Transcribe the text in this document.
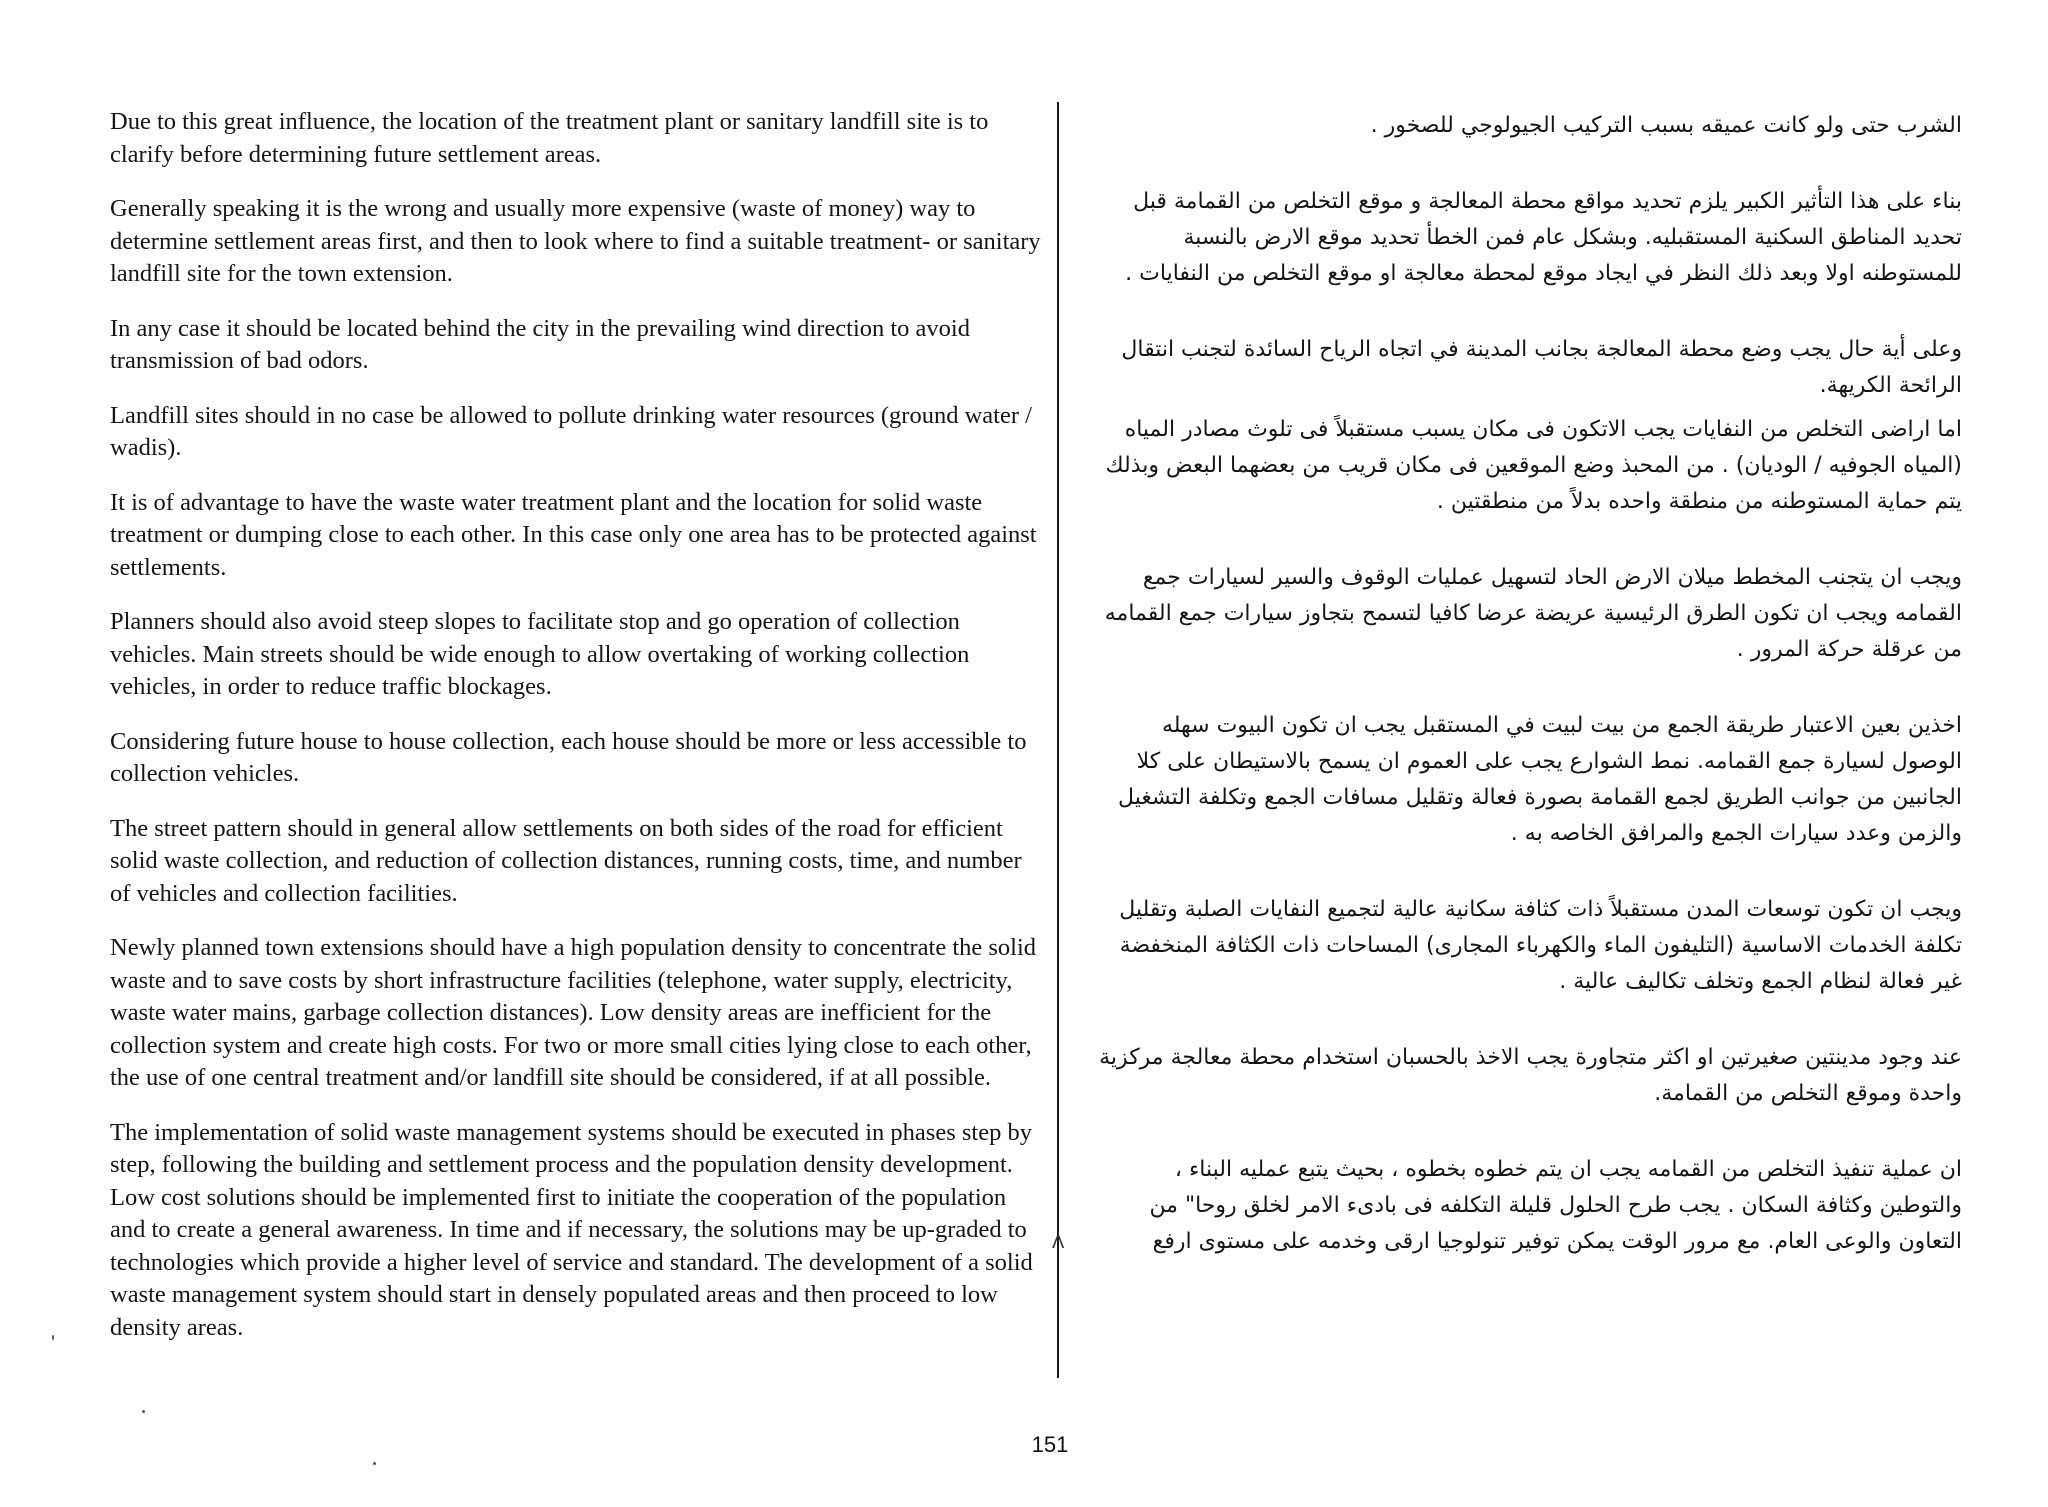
Due to this great influence, the location of the treatment plant or sanitary landfill site is to clarify before determining future settlement areas.

Generally speaking it is the wrong and usually more expensive (waste of money) way to determine settlement areas first, and then to look where to find a suitable treatment- or sanitary landfill site for the town extension.

In any case it should be located behind the city in the prevailing wind direction to avoid transmission of bad odors.

Landfill sites should in no case be allowed to pollute drinking water resources (ground water / wadis).

It is of advantage to have the waste water treatment plant and the location for solid waste treatment or dumping close to each other. In this case only one area has to be protected against settlements.

Planners should also avoid steep slopes to facilitate stop and go operation of collection vehicles. Main streets should be wide enough to allow overtaking of working collection vehicles, in order to reduce traffic blockages.

Considering future house to house collection, each house should be more or less accessible to collection vehicles.

The street pattern should in general allow settlements on both sides of the road for efficient solid waste collection, and reduction of collection distances, running costs, time, and number of vehicles and collection facilities.

Newly planned town extensions should have a high population density to concentrate the solid waste and to save costs by short infrastructure facilities (telephone, water supply, electricity, waste water mains, garbage collection distances). Low density areas are inefficient for the collection system and create high costs. For two or more small cities lying close to each other, the use of one central treatment and/or landfill site should be considered, if at all possible.

The implementation of solid waste management systems should be executed in phases step by step, following the building and settlement process and the population density development. Low cost solutions should be implemented first to initiate the cooperation of the population and to create a general awareness. In time and if necessary, the solutions may be up-graded to technologies which provide a higher level of service and standard. The development of a solid waste management system should start in densely populated areas and then proceed to low density areas.

ᐱ

الشرب حتى ولو كانت عميقه بسبب التركيب الجيولوجي للصخور .

بناء على هذا التأثير الكبير يلزم تحديد مواقع محطة المعالجة و موقع التخلص من القمامة قبل تحديد المناطق السكنية المستقبليه. وبشكل عام فمن الخطأ تحديد موقع الارض بالنسبة للمستوطنه اولا وبعد ذلك النظر في ايجاد موقع لمحطة معالجة او موقع التخلص من النفايات .

وعلى أية حال يجب وضع محطة المعالجة بجانب المدينة في اتجاه الرياح السائدة لتجنب انتقال الرائحة الكريهة.

اما اراضى التخلص من النفايات يجب الاتكون فى مكان يسبب مستقبلاً فى تلوث مصادر المياه (المياه الجوفيه / الوديان) . من المحبذ وضع الموقعين فى مكان قريب من بعضهما البعض وبذلك يتم حماية المستوطنه من منطقة واحده بدلاً من منطقتين .

ويجب ان يتجنب المخطط ميلان الارض الحاد لتسهيل عمليات الوقوف والسير لسيارات جمع القمامه ويجب ان تكون الطرق الرئيسية عريضة عرضا كافيا لتسمح بتجاوز سيارات جمع القمامه من عرقلة حركة المرور .

اخذين بعين الاعتبار طريقة الجمع من بيت لبيت في المستقبل يجب ان تكون البيوت سهله الوصول لسيارة جمع القمامه. نمط الشوارع يجب على العموم ان يسمح بالاستيطان على كلا الجانبين من جوانب الطريق لجمع القمامة بصورة فعالة وتقليل مسافات الجمع وتكلفة التشغيل والزمن وعدد سيارات الجمع والمرافق الخاصه به .

ويجب ان تكون توسعات المدن مستقبلاً ذات كثافة سكانية عالية لتجميع النفايات الصلبة وتقليل تكلفة الخدمات الاساسية (التليفون الماء والكهرباء المجارى) المساحات ذات الكثافة المنخفضة غير فعالة لنظام الجمع وتخلف تكاليف عالية .

عند وجود مدينتين صغيرتين او اكثر متجاورة يجب الاخذ بالحسبان استخدام محطة معالجة مركزية واحدة وموقع التخلص من القمامة.

ان عملية تنفيذ التخلص من القمامه يجب ان يتم خطوه بخطوه ، بحيث يتبع عمليه البناء ، والتوطين وكثافة السكان . يجب طرح الحلول قليلة التكلفه فى بادىء الامر لخلق روحا" من التعاون والوعى العام. مع مرور الوقت يمكن توفير تنولوجيا ارقى وخدمه على مستوى ارفع

151
